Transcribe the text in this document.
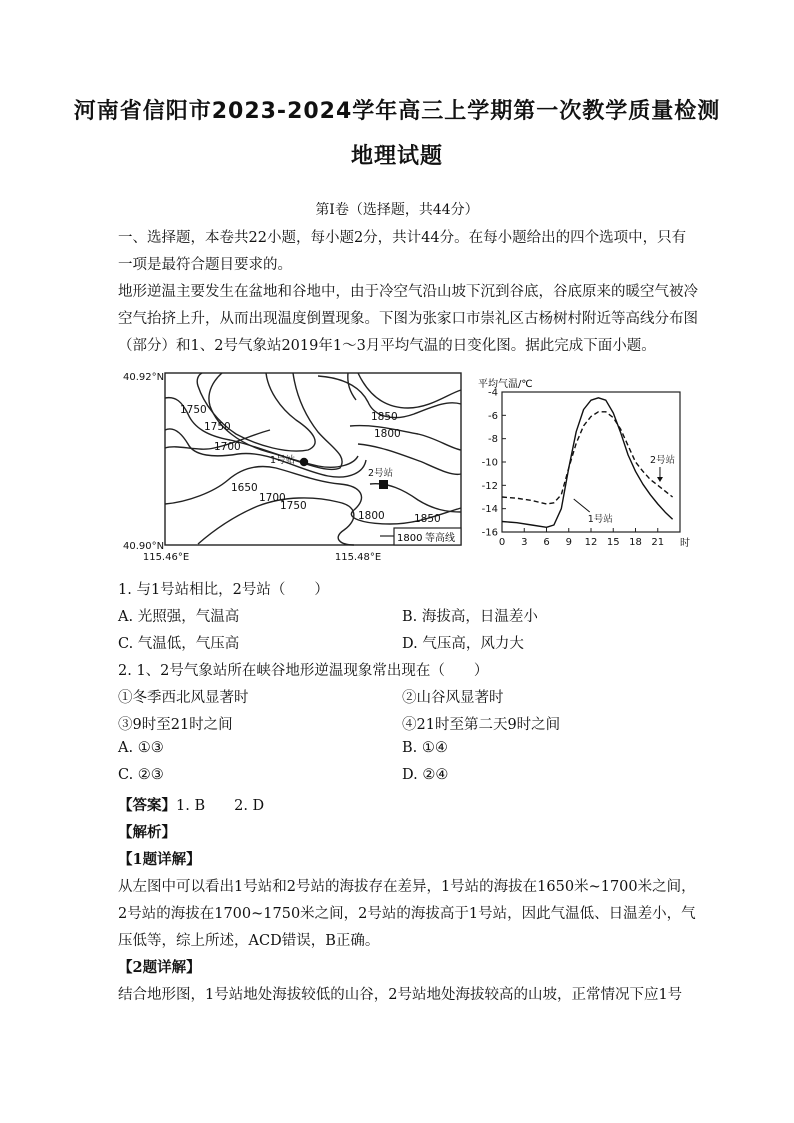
河南省信阳市2023-2024学年高三上学期第一次教学质量检测

地理试题

第Ⅰ卷（选择题，共44分）

一、选择题，本卷共22小题，每小题2分，共计44分。在每小题给出的四个选项中，只有

一项是最符合题目要求的。

地形逆温主要发生在盆地和谷地中，由于冷空气沿山坡下沉到谷底，谷底原来的暖空气被冷

空气抬挤上升，从而出现温度倒置现象。下图为张家口市崇礼区古杨树村附近等高线分布图

（部分）和1、2号气象站2019年1～3月平均气温的日变化图。据此完成下面小题。

40.92°N
40.90°N
115.46°E	115.48°E
1750
1750
1700
1650
1700
1750
1850
1800
1800	1850
1号站
2号站
1800 等高线
平均气温/℃
时
-4
-6
-8
-10
-12
-14
-16
0 3 6 9 12 15 18 21
1号站
2号站

1. 与1号站相比，2号站（　　）

A. 光照强，气温高	B. 海拔高，日温差小

C. 气温低，气压高	D. 气压高，风力大

2. 1、2号气象站所在峡谷地形逆温现象常出现在（　　）

①冬季西北风显著时	②山谷风显著时

③9时至21时之间	④21时至第二天9时之间

A. ①③	B. ①④

C. ②③	D. ②④

【答案】1. B　　2. D

【解析】

【1题详解】

从左图中可以看出1号站和2号站的海拔存在差异，1号站的海拔在1650米~1700米之间，

2号站的海拔在1700~1750米之间，2号站的海拔高于1号站，因此气温低、日温差小，气

压低等，综上所述，ACD错误，B正确。

【2题详解】

结合地形图，1号站地处海拔较低的山谷，2号站地处海拔较高的山坡，正常情况下应1号
